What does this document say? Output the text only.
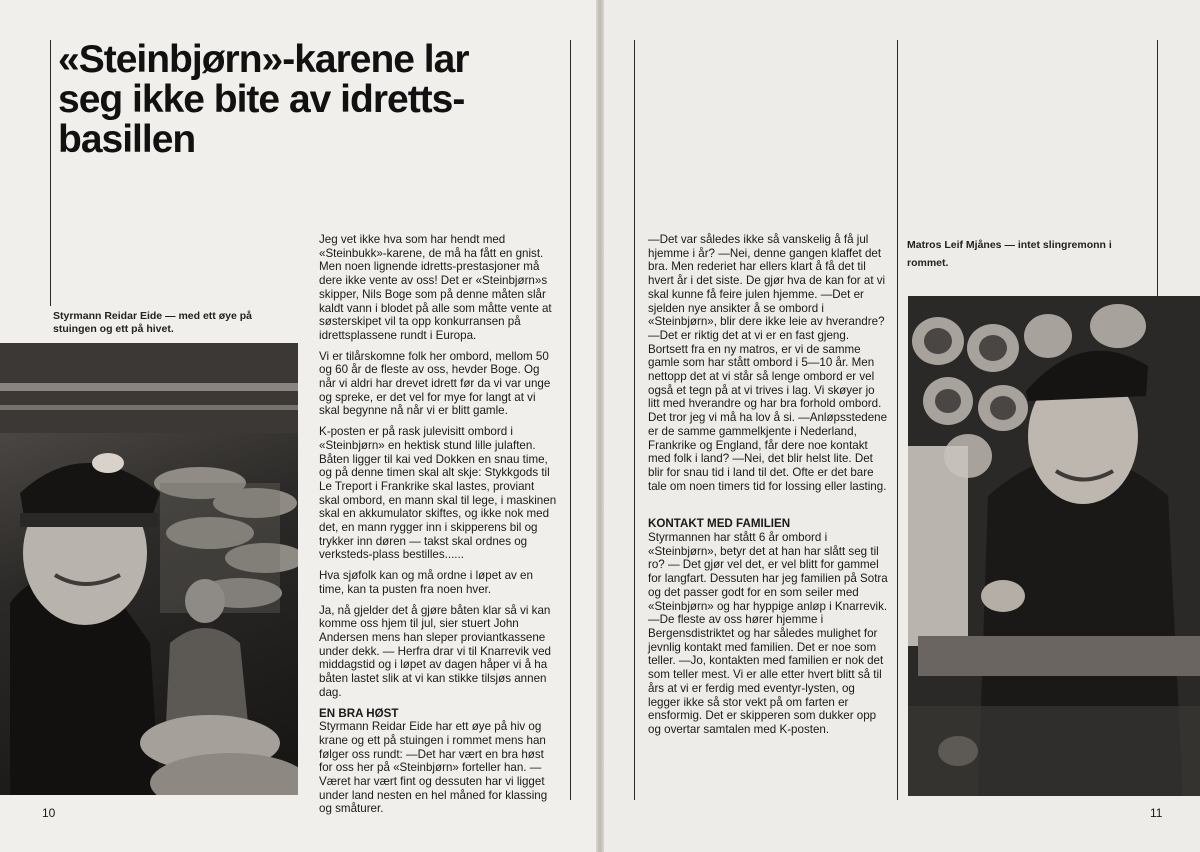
«Steinbjørn»-karene lar seg ikke bite av idretts-basillen
Styrmann Reidar Eide — med ett øye på stuingen og ett på hivet.

Jeg vet ikke hva som har hendt med «Steinbukk»-karene, de må ha fått en gnist. Men noen lignende idretts-prestasjoner må dere ikke vente av oss! Det er «Steinbjørn»s skipper, Nils Boge som på denne måten slår kaldt vann i blodet på alle som måtte vente at søsterskipet vil ta opp konkurransen på idrettsplassene rundt i Europa.

Vi er tilårskomne folk her ombord, mellom 50 og 60 år de fleste av oss, hevder Boge. Og når vi aldri har drevet idrett før da vi var unge og spreke, er det vel for mye for langt at vi skal begynne nå når vi er blitt gamle.

K-posten er på rask julevisitt ombord i «Steinbjørn» en hektisk stund lille julaften. Båten ligger til kai ved Dokken en snau time, og på denne timen skal alt skje: Stykkgods til Le Treport i Frankrike skal lastes, proviant skal ombord, en mann skal til lege, i maskinen skal en akkumulator skiftes, og ikke nok med det, en mann rygger inn i skipperens bil og trykker inn døren — takst skal ordnes og verksteds-plass bestilles......

Hva sjøfolk kan og må ordne i løpet av en time, kan ta pusten fra noen hver.

Ja, nå gjelder det å gjøre båten klar så vi kan komme oss hjem til jul, sier stuert John Andersen mens han sleper proviantkassene under dekk. — Herfra drar vi til Knarrevik ved middagstid og i løpet av dagen håper vi å ha båten lastet slik at vi kan stikke tilsjøs annen dag.

EN BRA HØST

Styrmann Reidar Eide har ett øye på hiv og krane og ett på stuingen i rommet mens han følger oss rundt: —Det har vært en bra høst for oss her på «Steinbjørn» forteller han. — Været har vært fint og dessuten har vi ligget under land nesten en hel måned for klassing og småturer.

10

—Det var således ikke så vanskelig å få jul hjemme i år? —Nei, denne gangen klaffet det bra. Men rederiet har ellers klart å få det til hvert år i det siste. De gjør hva de kan for at vi skal kunne få feire julen hjemme. —Det er sjelden nye ansikter å se ombord i «Steinbjørn», blir dere ikke leie av hverandre? —Det er riktig det at vi er en fast gjeng. Bortsett fra en ny matros, er vi de samme gamle som har stått ombord i 5—10 år. Men nettopp det at vi står så lenge ombord er vel også et tegn på at vi trives i lag. Vi skøyer jo litt med hverandre og har bra forhold ombord. Det tror jeg vi må ha lov å si. —Anløpsstedene er de samme gammelkjente i Nederland, Frankrike og England, får dere noe kontakt med folk i land? —Nei, det blir helst lite. Det blir for snau tid i land til det. Ofte er det bare tale om noen timers tid for lossing eller lasting.

KONTAKT MED FAMILIEN

Styrmannen har stått 6 år ombord i «Steinbjørn», betyr det at han har slått seg til ro? — Det gjør vel det, er vel blitt for gammel for langfart. Dessuten har jeg familien på Sotra og det passer godt for en som seiler med «Steinbjørn» og har hyppige anløp i Knarrevik. —De fleste av oss hører hjemme i Bergensdistriktet og har således mulighet for jevnlig kontakt med familien. Det er noe som teller. —Jo, kontakten med familien er nok det som teller mest. Vi er alle etter hvert blitt så til års at vi er ferdig med eventyr-lysten, og legger ikke så stor vekt på om farten er ensformig. Det er skipperen som dukker opp og overtar samtalen med K-posten.

Matros Leif Mjånes — intet slingremonn i rommet.
11
